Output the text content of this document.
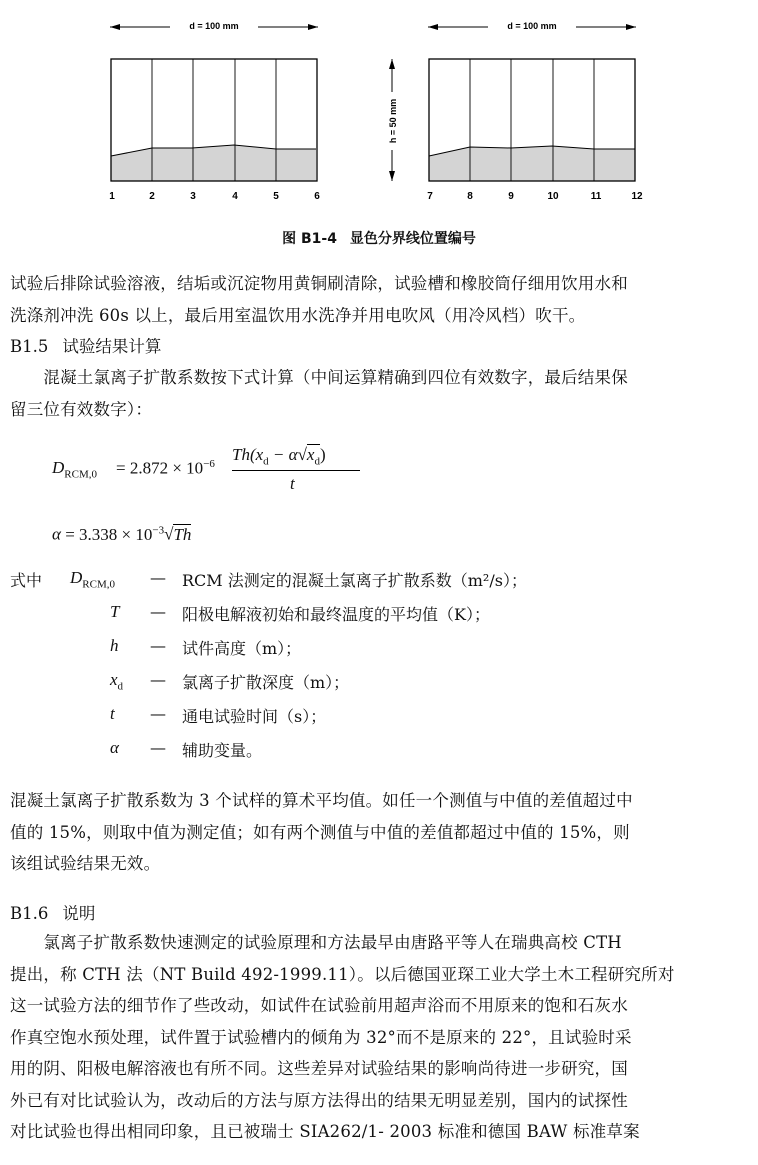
d = 100 mm
1	2	3	4	5	6
h = 50 mm
d = 100 mm
7	8	9	10	11	12
图 B1-4 显色分界线位置编号
试验后排除试验溶液，结垢或沉淀物用黄铜刷清除，试验槽和橡胶筒仔细用饮用水和
洗涤剂冲洗 60s 以上，最后用室温饮用水洗净并用电吹风（用冷风档）吹干。
B1.5 试验结果计算
　　混凝土氯离子扩散系数按下式计算（中间运算精确到四位有效数字，最后结果保
留三位有效数字）：
$D_{RCM,0} = 2.872 \times 10^{-6}$ $Th(x_d - \alpha√x_d)$
t
$\alpha = 3.338 \times 10^{-3}√Th$
式中 $D_{RCM,0}$ — RCM 法测定的混凝土氯离子扩散系数（m²/s）；
T — 阳极电解液初始和最终温度的平均值（K）；
h — 试件高度（m）；
$x_d$ — 氯离子扩散深度（m）；
t — 通电试验时间（s）；
α — 辅助变量。
混凝土氯离子扩散系数为 3 个试样的算术平均值。如任一个测值与中值的差值超过中
值的 15%，则取中值为测定值；如有两个测值与中值的差值都超过中值的 15%，则
该组试验结果无效。
B1.6 说明
　　氯离子扩散系数快速测定的试验原理和方法最早由唐路平等人在瑞典高校 CTH
提出，称 CTH 法（NT Build 492-1999.11）。以后德国亚琛工业大学土木工程研究所对
这一试验方法的细节作了些改动，如试件在试验前用超声浴而不用原来的饱和石灰水
作真空饱水预处理，试件置于试验槽内的倾角为 32°而不是原来的 22°，且试验时采
用的阴、阳极电解溶液也有所不同。这些差异对试验结果的影响尚待进一步研究，国
外已有对比试验认为，改动后的方法与原方法得出的结果无明显差别，国内的试探性
对比试验也得出相同印象，且已被瑞士 SIA262/1- 2003 标准和德国 BAW 标准草案
